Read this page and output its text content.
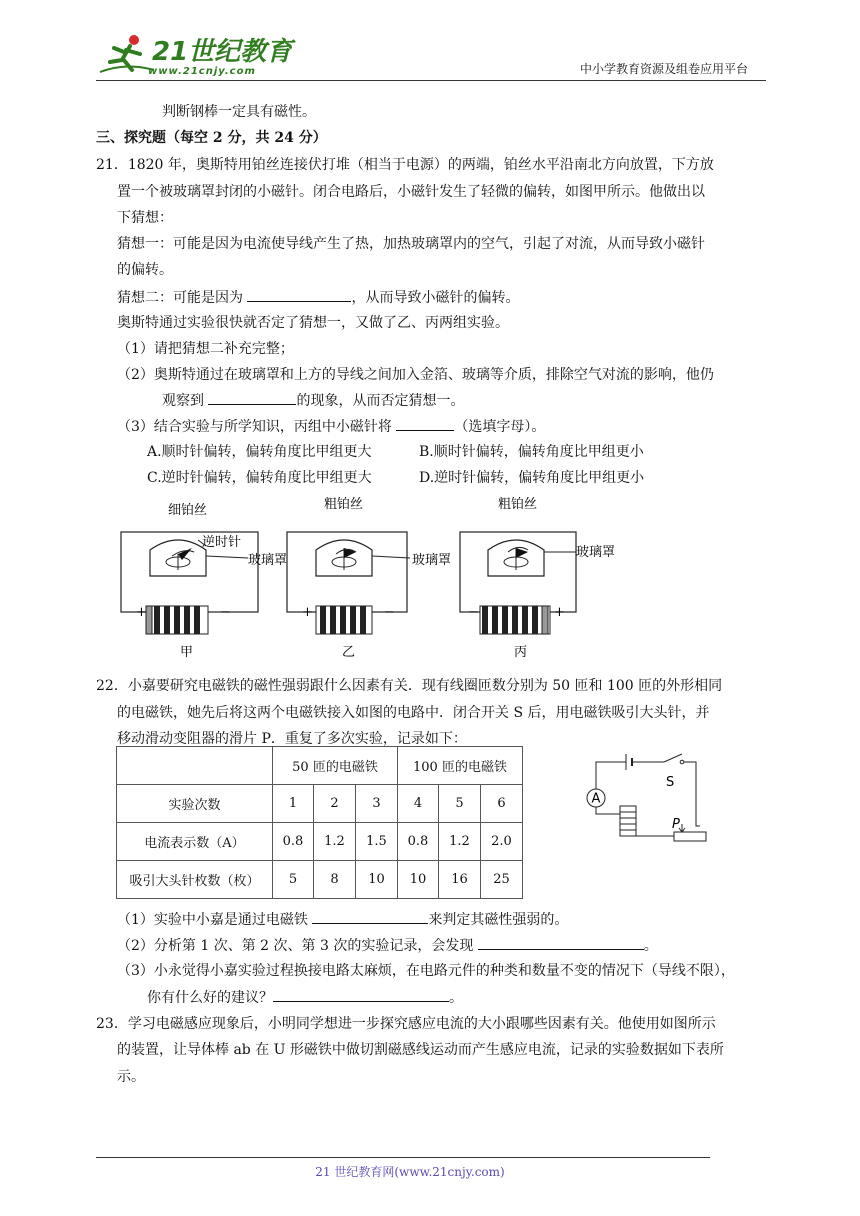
21世纪教育
www.21cnjy.com	中小学教育资源及组卷应用平台
判断钢棒一定具有磁性。
三、探究题（每空 2 分，共 24 分）
21．1820 年，奥斯特用铂丝连接伏打堆（相当于电源）的两端，铂丝水平沿南北方向放置，下方放
置一个被玻璃罩封闭的小磁针。闭合电路后，小磁针发生了轻微的偏转，如图甲所示。他做出以
下猜想：
猜想一：可能是因为电流使导线产生了热，加热玻璃罩内的空气，引起了对流，从而导致小磁针
的偏转。
猜想二：可能是因为	，从而导致小磁针的偏转。
奥斯特通过实验很快就否定了猜想一，又做了乙、丙两组实验。
（1）请把猜想二补充完整；
（2）奥斯特通过在玻璃罩和上方的导线之间加入金箔、玻璃等介质，排除空气对流的影响，他仍
观察到	的现象，从而否定猜想一。
（3）结合实验与所学知识，丙组中小磁针将	（选填字母）。
A.顺时针偏转，偏转角度比甲组更大	B.顺时针偏转，偏转角度比甲组更小
C.逆时针偏转，偏转角度比甲组更大	D.逆时针偏转，偏转角度比甲组更小
细铂丝
逆时针
玻璃罩
+	−
甲
粗铂丝
玻璃罩
+	−
乙
粗铂丝
玻璃罩
−	+
丙
22．小嘉要研究电磁铁的磁性强弱跟什么因素有关．现有线圈匝数分别为 50 匝和 100 匝的外形相同
的电磁铁，她先后将这两个电磁铁接入如图的电路中．闭合开关 S 后，用电磁铁吸引大头针，并
移动滑动变阻器的滑片 P．重复了多次实验，记录如下：
	50 匝的电磁铁			100 匝的电磁铁		
实验次数	1	2	3	4	5	6
电流表示数（A）	0.8	1.2	1.5	0.8	1.2	2.0
吸引大头针枚数（枚）	5	8	10	10	16	25
A
S
P
（1）实验中小嘉是通过电磁铁	来判定其磁性强弱的。
（2）分析第 1 次、第 2 次、第 3 次的实验记录，会发现	。
（3）小永觉得小嘉实验过程换接电路太麻烦，在电路元件的种类和数量不变的情况下（导线不限），
你有什么好的建议？	。
23．学习电磁感应现象后，小明同学想进一步探究感应电流的大小跟哪些因素有关。他使用如图所示
的装置，让导体棒 ab 在 U 形磁铁中做切割磁感线运动而产生感应电流，记录的实验数据如下表所
示。
21 世纪教育网(www.21cnjy.com)
